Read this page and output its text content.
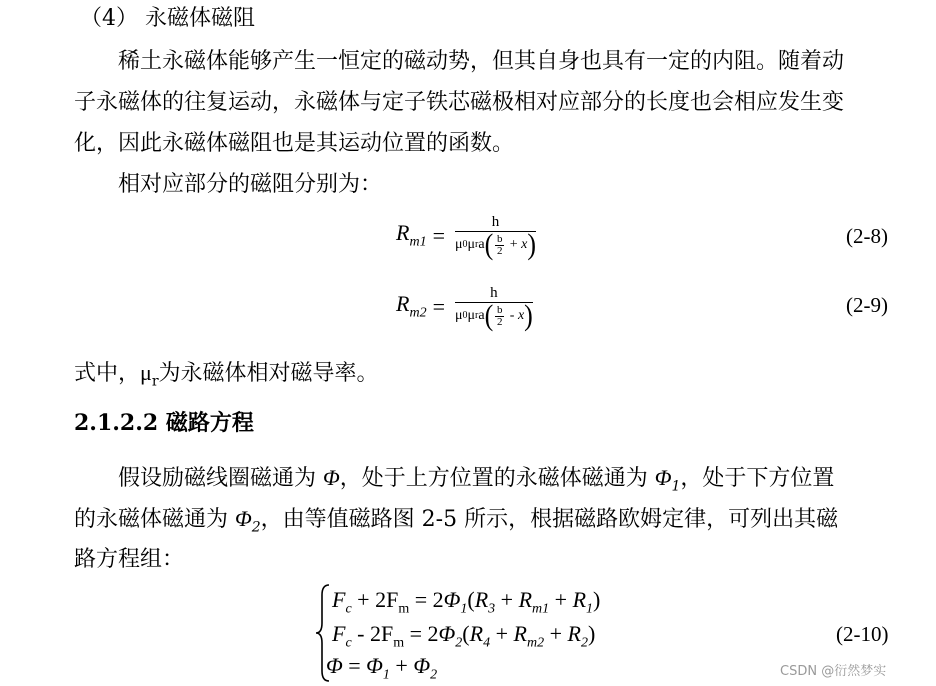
（4） 永磁体磁阻
稀土永磁体能够产生一恒定的磁动势，但其自身也具有一定的内阻。随着动
子永磁体的往复运动，永磁体与定子铁芯磁极相对应部分的长度也会相应发生变
化，因此永磁体磁阻也是其运动位置的函数。
相对应部分的磁阻分别为：
$R_{m1} = \frac{h}{\mu 0 \mu r a ( \frac{b}{2} + x )}$	(2-8)
$R_{m2} = \frac{h}{\mu 0 \mu r a ( \frac{b}{2} - x )}$	(2-9)
式中，$\mu_r$为永磁体相对磁导率。
2.1.2.2 磁路方程
假设励磁线圈磁通为 Φ，处于上方位置的永磁体磁通为 $\Phi_1$，处于下方位置
的永磁体磁通为 $\Phi_2$，由等值磁路图 2-5 所示，根据磁路欧姆定律，可列出其磁
路方程组：
$F_c + 2F_m = 2\Phi_1(R_3 + R_{m1} + R_1)$
$F_c - 2F_m = 2\Phi_2(R_4 + R_{m2} + R_2)$
$\Phi = \Phi_1 + \Phi_2$
(2-10)
CSDN @衍然梦实
